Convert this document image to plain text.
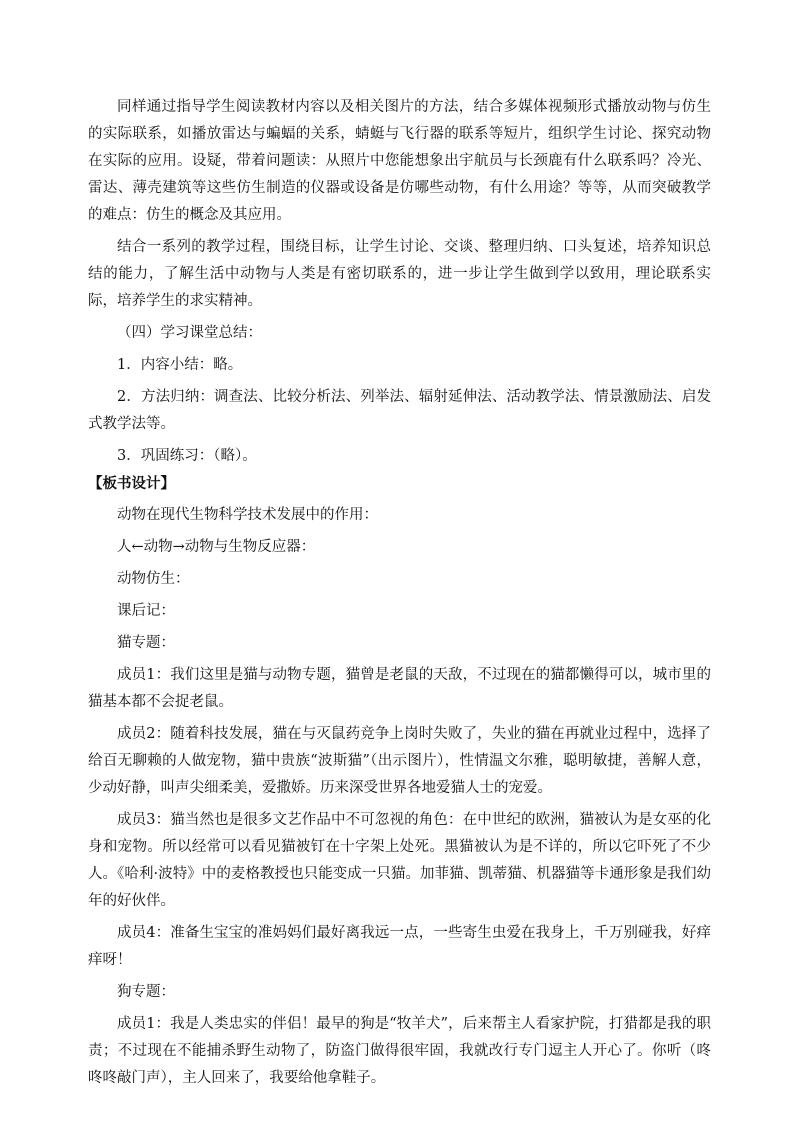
同样通过指导学生阅读教材内容以及相关图片的方法，结合多媒体视频形式播放动物与仿生的实际联系，如播放雷达与蝙蝠的关系，蜻蜓与飞行器的联系等短片，组织学生讨论、探究动物在实际的应用。设疑，带着问题读：从照片中您能想象出宇航员与长颈鹿有什么联系吗？冷光、雷达、薄壳建筑等这些仿生制造的仪器或设备是仿哪些动物，有什么用途？等等，从而突破教学的难点：仿生的概念及其应用。

结合一系列的教学过程，围绕目标，让学生讨论、交谈、整理归纳、口头复述，培养知识总结的能力，了解生活中动物与人类是有密切联系的，进一步让学生做到学以致用，理论联系实际，培养学生的求实精神。

（四）学习课堂总结：

1．内容小结：略。

2．方法归纳：调查法、比较分析法、列举法、辐射延伸法、活动教学法、情景激励法、启发式教学法等。

3．巩固练习：（略）。

【板书设计】

动物在现代生物科学技术发展中的作用：

人←动物→动物与生物反应器：

动物仿生：

课后记：

猫专题：

成员1：我们这里是猫与动物专题，猫曾是老鼠的天敌，不过现在的猫都懒得可以，城市里的猫基本都不会捉老鼠。

成员2：随着科技发展，猫在与灭鼠药竞争上岗时失败了，失业的猫在再就业过程中，选择了给百无聊赖的人做宠物，猫中贵族“波斯猫”（出示图片），性情温文尔雅，聪明敏捷，善解人意，少动好静，叫声尖细柔美，爱撒娇。历来深受世界各地爱猫人士的宠爱。

成员3：猫当然也是很多文艺作品中不可忽视的角色：在中世纪的欧洲，猫被认为是女巫的化身和宠物。所以经常可以看见猫被钉在十字架上处死。黑猫被认为是不详的，所以它吓死了不少人。《哈利·波特》中的麦格教授也只能变成一只猫。加菲猫、凯蒂猫、机器猫等卡通形象是我们幼年的好伙伴。

成员4：准备生宝宝的准妈妈们最好离我远一点，一些寄生虫爱在我身上，千万别碰我，好痒痒呀！

狗专题：

成员1：我是人类忠实的伴侣！最早的狗是“牧羊犬”，后来帮主人看家护院，打猎都是我的职责；不过现在不能捕杀野生动物了，防盗门做得很牢固，我就改行专门逗主人开心了。你听（咚咚咚敲门声），主人回来了，我要给他拿鞋子。
